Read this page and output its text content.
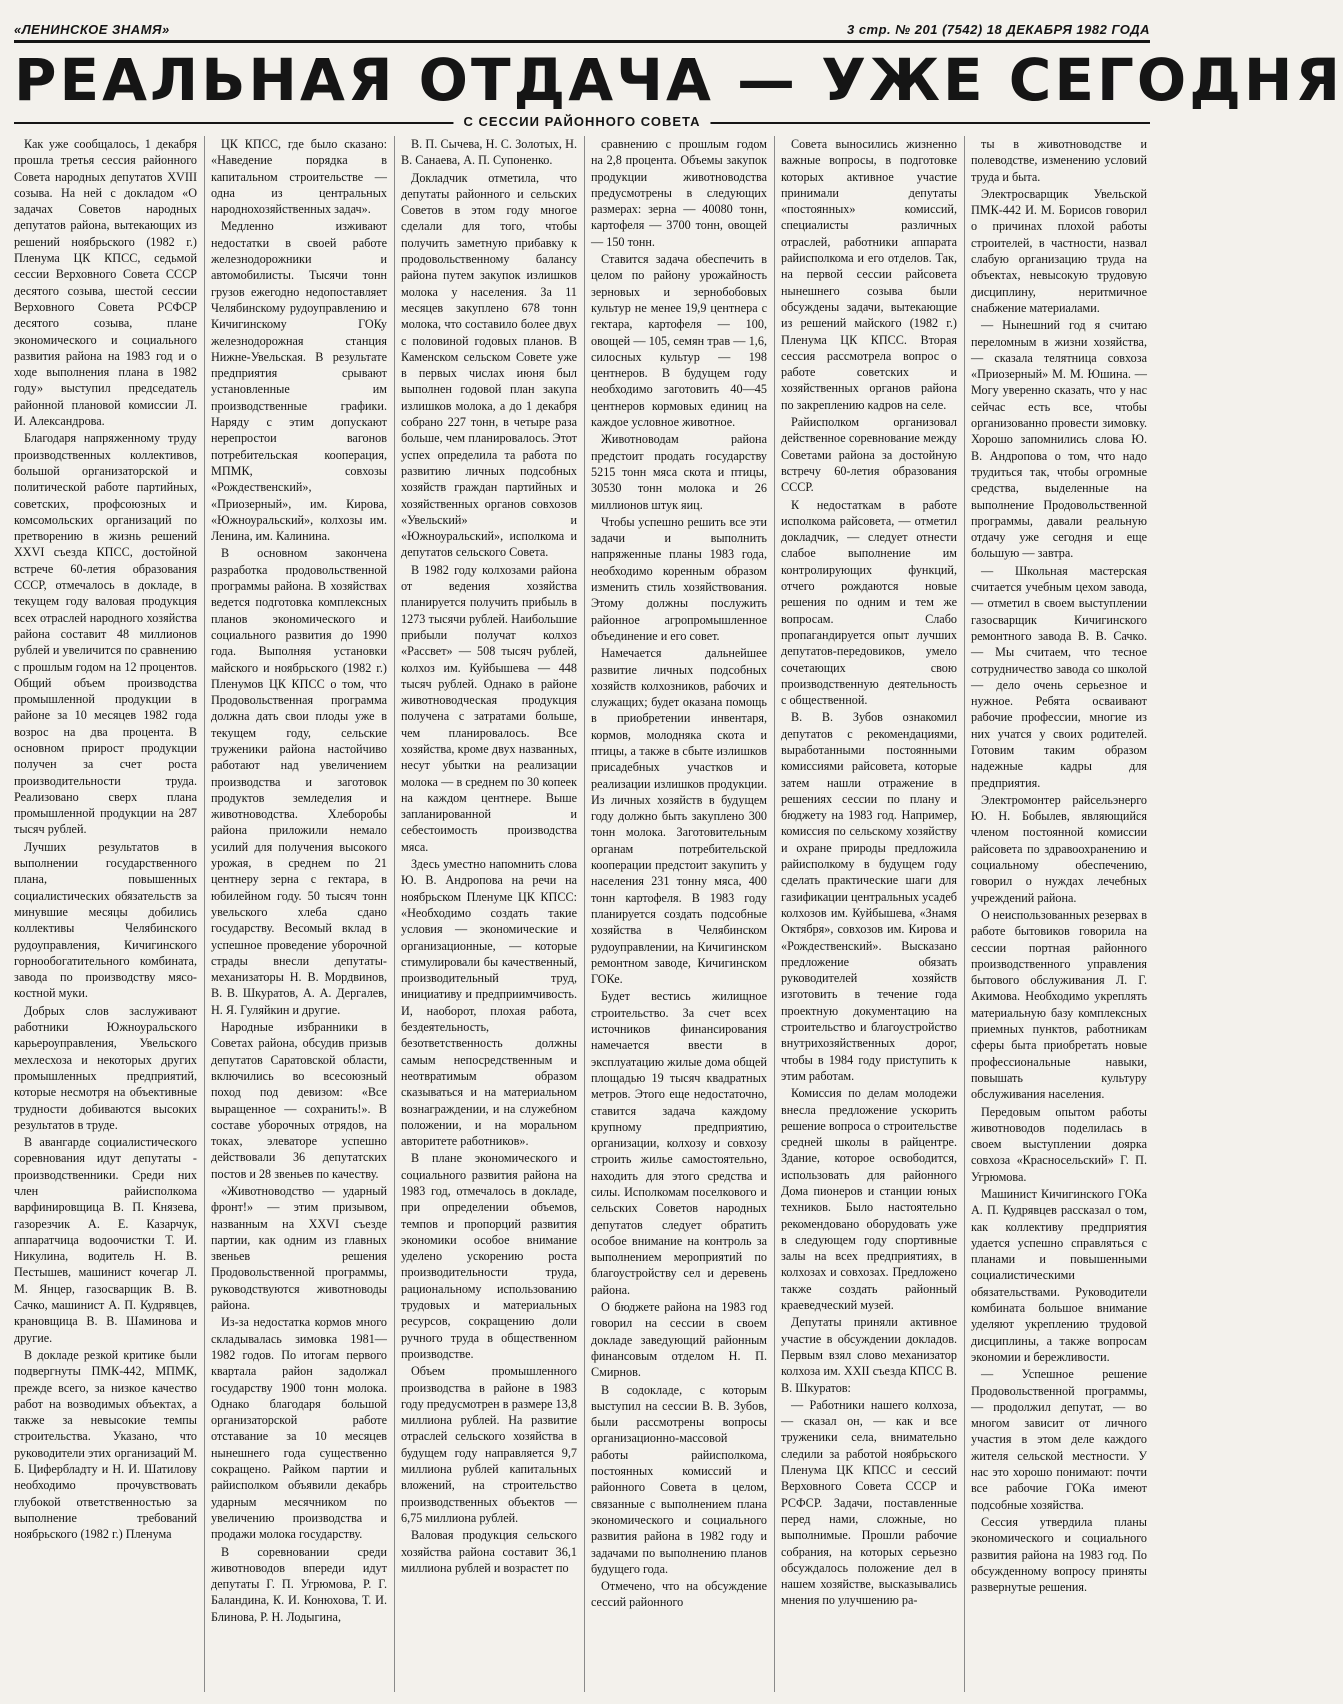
«ЛЕНИНСКОЕ ЗНАМЯ»	3 стр. № 201 (7542) 18 ДЕКАБРЯ 1982 ГОДА
РЕАЛЬНАЯ ОТДАЧА — УЖЕ СЕГОДНЯ
С СЕССИИ РАЙОННОГО СОВЕТА

Как уже сообщалось, 1 декабря прошла третья сессия районного Совета народных депутатов XVIII созыва. На ней с докладом «О задачах Советов народных депутатов района, вытекающих из решений ноябрьского (1982 г.) Пленума ЦК КПСС, седьмой сессии Верховного Совета СССР десятого созыва, шестой сессии Верховного Совета РСФСР десятого созыва, плане экономического и социального развития района на 1983 год и о ходе выполнения плана в 1982 году» выступил председатель районной плановой комиссии Л. И. Александрова.

Благодаря напряженному труду производственных коллективов, большой организаторской и политической работе партийных, советских, профсоюзных и комсомольских организаций по претворению в жизнь решений XXVI съезда КПСС, достойной встрече 60-летия образования СССР, отмечалось в докладе, в текущем году валовая продукция всех отраслей народного хозяйства района составит 48 миллионов рублей и увеличится по сравнению с прошлым годом на 12 процентов. Общий объем производства промышленной продукции в районе за 10 месяцев 1982 года возрос на два процента. В основном прирост продукции получен за счет роста производительности труда. Реализовано сверх плана промышленной продукции на 287 тысяч рублей.

Лучших результатов в выполнении государственного плана, повышенных социалистических обязательств за минувшие месяцы добились коллективы Челябинского рудоуправления, Кичигинского горнообогатительного комбината, завода по производству мясо-костной муки.

Добрых слов заслуживают работники Южноуральского карьероуправления, Увельского мехлесхоза и некоторых других промышленных предприятий, которые несмотря на объективные трудности добиваются высоких результатов в труде.

В авангарде социалистического соревнования идут депутаты - производственники. Среди них член райисполкома варфинировщица В. П. Князева, газорезчик А. Е. Казарчук, аппаратчица водоочистки Т. И. Никулина, водитель Н. В. Пестышев, машинист кочегар Л. М. Янцер, газосварщик В. В. Сачко, машинист А. П. Кудрявцев, крановщица В. В. Шаминова и другие.

В докладе резкой критике были подвергнуты ПМК-442, МПМК, прежде всего, за низкое качество работ на возводимых объектах, а также за невысокие темпы строительства. Указано, что руководители этих организаций М. Б. Цифербладту и Н. И. Шатилову необходимо прочувствовать глубокой ответственностью за выполнение требований ноябрьского (1982 г.) Пленума

ЦК КПСС, где было сказано: «Наведение порядка в капитальном строительстве — одна из центральных народнохозяйственных задач».

Медленно изживают недостатки в своей работе железнодорожники и автомобилисты. Тысячи тонн грузов ежегодно недопоставляет Челябинскому рудоуправлению и Кичигинскому ГОКу железнодорожная станция Нижне-Увельская. В результате предприятия срывают установленные им производственные графики. Наряду с этим допускают нерепростои вагонов потребительская кооперация, МПМК, совхозы «Рождественский», «Приозерный», им. Кирова, «Южноуральский», колхозы им. Ленина, им. Калинина.

В основном закончена разработка продовольственной программы района. В хозяйствах ведется подготовка комплексных планов экономического и социального развития до 1990 года. Выполняя установки майского и ноябрьского (1982 г.) Пленумов ЦК КПСС о том, что Продовольственная программа должна дать свои плоды уже в текущем году, сельские труженики района настойчиво работают над увеличением производства и заготовок продуктов земледелия и животноводства. Хлеборобы района приложили немало усилий для получения высокого урожая, в среднем по 21 центнеру зерна с гектара, в юбилейном году. 50 тысяч тонн увельского хлеба сдано государству. Весомый вклад в успешное проведение уборочной страды внесли депутаты-механизаторы Н. В. Мордвинов, В. В. Шкуратов, А. А. Дергалев, Н. Я. Гуляйкин и другие.

Народные избранники в Советах района, обсудив призыв депутатов Саратовской области, включились во всесоюзный поход под девизом: «Все выращенное — сохранить!». В составе уборочных отрядов, на токах, элеваторе успешно действовали 36 депутатских постов и 28 звеньев по качеству.

«Животноводство — ударный фронт!» — этим призывом, названным на XXVI съезде партии, как одним из главных звеньев решения Продовольственной программы, руководствуются животноводы района.

Из-за недостатка кормов много складывалась зимовка 1981— 1982 годов. По итогам первого квартала район задолжал государству 1900 тонн молока. Однако благодаря большой организаторской работе отставание за 10 месяцев нынешнего года существенно сокращено. Райком партии и райисполком объявили декабрь ударным месячником по увеличению производства и продажи молока государству.

В соревновании среди животноводов впереди идут депутаты Г. П. Угрюмова, Р. Г. Баландина, К. И. Конюхова, Т. И. Блинова, Р. Н. Лодыгина,

В. П. Сычева, Н. С. Золотых, Н. В. Санаева, А. П. Супоненко.

Докладчик отметила, что депутаты районного и сельских Советов в этом году многое сделали для того, чтобы получить заметную прибавку к продовольственному балансу района путем закупок излишков молока у населения. За 11 месяцев закуплено 678 тонн молока, что составило более двух с половиной годовых планов. В Каменском сельском Совете уже в первых числах июня был выполнен годовой план закупа излишков молока, а до 1 декабря собрано 227 тонн, в четыре раза больше, чем планировалось. Этот успех определила та работа по развитию личных подсобных хозяйств граждан партийных и хозяйственных органов совхозов «Увельский» и «Южноуральский», исполкома и депутатов сельского Совета.

В 1982 году колхозами района от ведения хозяйства планируется получить прибыль в 1273 тысячи рублей. Наибольшие прибыли получат колхоз «Рассвет» — 508 тысяч рублей, колхоз им. Куйбышева — 448 тысяч рублей. Однако в районе животноводческая продукция получена с затратами больше, чем планировалось. Все хозяйства, кроме двух названных, несут убытки на реализации молока — в среднем по 30 копеек на каждом центнере. Выше запланированной и себестоимость производства мяса.

Здесь уместно напомнить слова Ю. В. Андропова на речи на ноябрьском Пленуме ЦК КПСС: «Необходимо создать такие условия — экономические и организационные, — которые стимулировали бы качественный, производительный труд, инициативу и предприимчивость. И, наоборот, плохая работа, бездеятельность, безответственность должны самым непосредственным и неотвратимым образом сказываться и на материальном вознаграждении, и на служебном положении, и на моральном авторитете работников».

В плане экономического и социального развития района на 1983 год, отмечалось в докладе, при определении объемов, темпов и пропорций развития экономики особое внимание уделено ускорению роста производительности труда, рациональному использованию трудовых и материальных ресурсов, сокращению доли ручного труда в общественном производстве.

Объем промышленного производства в районе в 1983 году предусмотрен в размере 13,8 миллиона рублей. На развитие отраслей сельского хозяйства в будущем году направляется 9,7 миллиона рублей капитальных вложений, на строительство производственных объектов — 6,75 миллиона рублей.

Валовая продукция сельского хозяйства района составит 36,1 миллиона рублей и возрастет по

сравнению с прошлым годом на 2,8 процента. Объемы закупок продукции животноводства предусмотрены в следующих размерах: зерна — 40080 тонн, картофеля — 3700 тонн, овощей — 150 тонн.

Ставится задача обеспечить в целом по району урожайность зерновых и зернобобовых культур не менее 19,9 центнера с гектара, картофеля — 100, овощей — 105, семян трав — 1,6, силосных культур — 198 центнеров. В будущем году необходимо заготовить 40—45 центнеров кормовых единиц на каждое условное животное.

Животноводам района предстоит продать государству 5215 тонн мяса скота и птицы, 30530 тонн молока и 26 миллионов штук яиц.

Чтобы успешно решить все эти задачи и выполнить напряженные планы 1983 года, необходимо коренным образом изменить стиль хозяйствования. Этому должны послужить районное агропромышленное объединение и его совет.

Намечается дальнейшее развитие личных подсобных хозяйств колхозников, рабочих и служащих; будет оказана помощь в приобретении инвентаря, кормов, молодняка скота и птицы, а также в сбыте излишков присадебных участков и реализации излишков продукции. Из личных хозяйств в будущем году должно быть закуплено 300 тонн молока. Заготовительным органам потребительской кооперации предстоит закупить у населения 231 тонну мяса, 400 тонн картофеля. В 1983 году планируется создать подсобные хозяйства в Челябинском рудоуправлении, на Кичигинском ремонтном заводе, Кичигинском ГОКе.

Будет вестись жилищное строительство. За счет всех источников финансирования намечается ввести в эксплуатацию жилые дома общей площадью 19 тысяч квадратных метров. Этого еще недостаточно, ставится задача каждому крупному предприятию, организации, колхозу и совхозу строить жилье самостоятельно, находить для этого средства и силы. Исполкомам поселкового и сельских Советов народных депутатов следует обратить особое внимание на контроль за выполнением мероприятий по благоустройству сел и деревень района.

О бюджете района на 1983 год говорил на сессии в своем докладе заведующий районным финансовым отделом Н. П. Смирнов.

В содокладе, с которым выступил на сессии В. В. Зубов, были рассмотрены вопросы организационно-массовой работы райисполкома, постоянных комиссий и районного Совета в целом, связанные с выполнением плана экономического и социального развития района в 1982 году и задачами по выполнению планов будущего года.

Отмечено, что на обсуждение сессий районного

Совета выносились жизненно важные вопросы, в подготовке которых активное участие принимали депутаты «постоянных» комиссий, специалисты различных отраслей, работники аппарата райисполкома и его отделов. Так, на первой сессии райсовета нынешнего созыва были обсуждены задачи, вытекающие из решений майского (1982 г.) Пленума ЦК КПСС. Вторая сессия рассмотрела вопрос о работе советских и хозяйственных органов района по закреплению кадров на селе.

Райисполком организовал действенное соревнование между Советами района за достойную встречу 60-летия образования СССР.

К недостаткам в работе исполкома райсовета, — отметил докладчик, — следует отнести слабое выполнение им контролирующих функций, отчего рождаются новые решения по одним и тем же вопросам. Слабо пропагандируется опыт лучших депутатов-передовиков, умело сочетающих свою производственную деятельность с общественной.

В. В. Зубов ознакомил депутатов с рекомендациями, выработанными постоянными комиссиями райсовета, которые затем нашли отражение в решениях сессии по плану и бюджету на 1983 год. Например, комиссия по сельскому хозяйству и охране природы предложила райисполкому в будущем году сделать практические шаги для газификации центральных усадеб колхозов им. Куйбышева, «Знамя Октября», совхозов им. Кирова и «Рождественский». Высказано предложение обязать руководителей хозяйств изготовить в течение года проектную документацию на строительство и благоустройство внутрихозяйственных дорог, чтобы в 1984 году приступить к этим работам.

Комиссия по делам молодежи внесла предложение ускорить решение вопроса о строительстве средней школы в райцентре. Здание, которое освободится, использовать для районного Дома пионеров и станции юных техников. Было настоятельно рекомендовано оборудовать уже в следующем году спортивные залы на всех предприятиях, в колхозах и совхозах. Предложено также создать районный краеведческий музей.

Депутаты приняли активное участие в обсуждении докладов. Первым взял слово механизатор колхоза им. XXII съезда КПСС В. В. Шкуратов:

— Работники нашего колхоза, — сказал он, — как и все труженики села, внимательно следили за работой ноябрьского Пленума ЦК КПСС и сессий Верховного Совета СССР и РСФСР. Задачи, поставленные перед нами, сложные, но выполнимые. Прошли рабочие собрания, на которых серьезно обсуждалось положение дел в нашем хозяйстве, высказывались мнения по улучшению ра-

ты в животноводстве и полеводстве, изменению условий труда и быта.

Электросварщик Увельской ПМК-442 И. М. Борисов говорил о причинах плохой работы строителей, в частности, назвал слабую организацию труда на объектах, невысокую трудовую дисциплину, неритмичное снабжение материалами.

— Нынешний год я считаю переломным в жизни хозяйства, — сказала телятница совхоза «Приозерный» М. М. Юшина. — Могу уверенно сказать, что у нас сейчас есть все, чтобы организованно провести зимовку. Хорошо запомнились слова Ю. В. Андропова о том, что надо трудиться так, чтобы огромные средства, выделенные на выполнение Продовольственной программы, давали реальную отдачу уже сегодня и еще большую — завтра.

— Школьная мастерская считается учебным цехом завода, — отметил в своем выступлении газосварщик Кичигинского ремонтного завода В. В. Сачко. — Мы считаем, что тесное сотрудничество завода со школой — дело очень серьезное и нужное. Ребята осваивают рабочие профессии, многие из них учатся у своих родителей. Готовим таким образом надежные кадры для предприятия.

Электромонтер райсельэнерго Ю. Н. Бобылев, являющийся членом постоянной комиссии райсовета по здравоохранению и социальному обеспечению, говорил о нуждах лечебных учреждений района.

О неиспользованных резервах в работе бытовиков говорила на сессии портная районного производственного управления бытового обслуживания Л. Г. Акимова. Необходимо укреплять материальную базу комплексных приемных пунктов, работникам сферы быта приобретать новые профессиональные навыки, повышать культуру обслуживания населения.

Передовым опытом работы животноводов поделилась в своем выступлении доярка совхоза «Красносельский» Г. П. Угрюмова.

Машинист Кичигинского ГОКа А. П. Кудрявцев рассказал о том, как коллективу предприятия удается успешно справляться с планами и повышенными социалистическими обязательствами. Руководители комбината большое внимание уделяют укреплению трудовой дисциплины, а также вопросам экономии и бережливости.

— Успешное решение Продовольственной программы, — продолжил депутат, — во многом зависит от личного участия в этом деле каждого жителя сельской местности. У нас это хорошо понимают: почти все рабочие ГОКа имеют подсобные хозяйства.

Сессия утвердила планы экономического и социального развития района на 1983 год. По обсужденному вопросу приняты развернутые решения.
